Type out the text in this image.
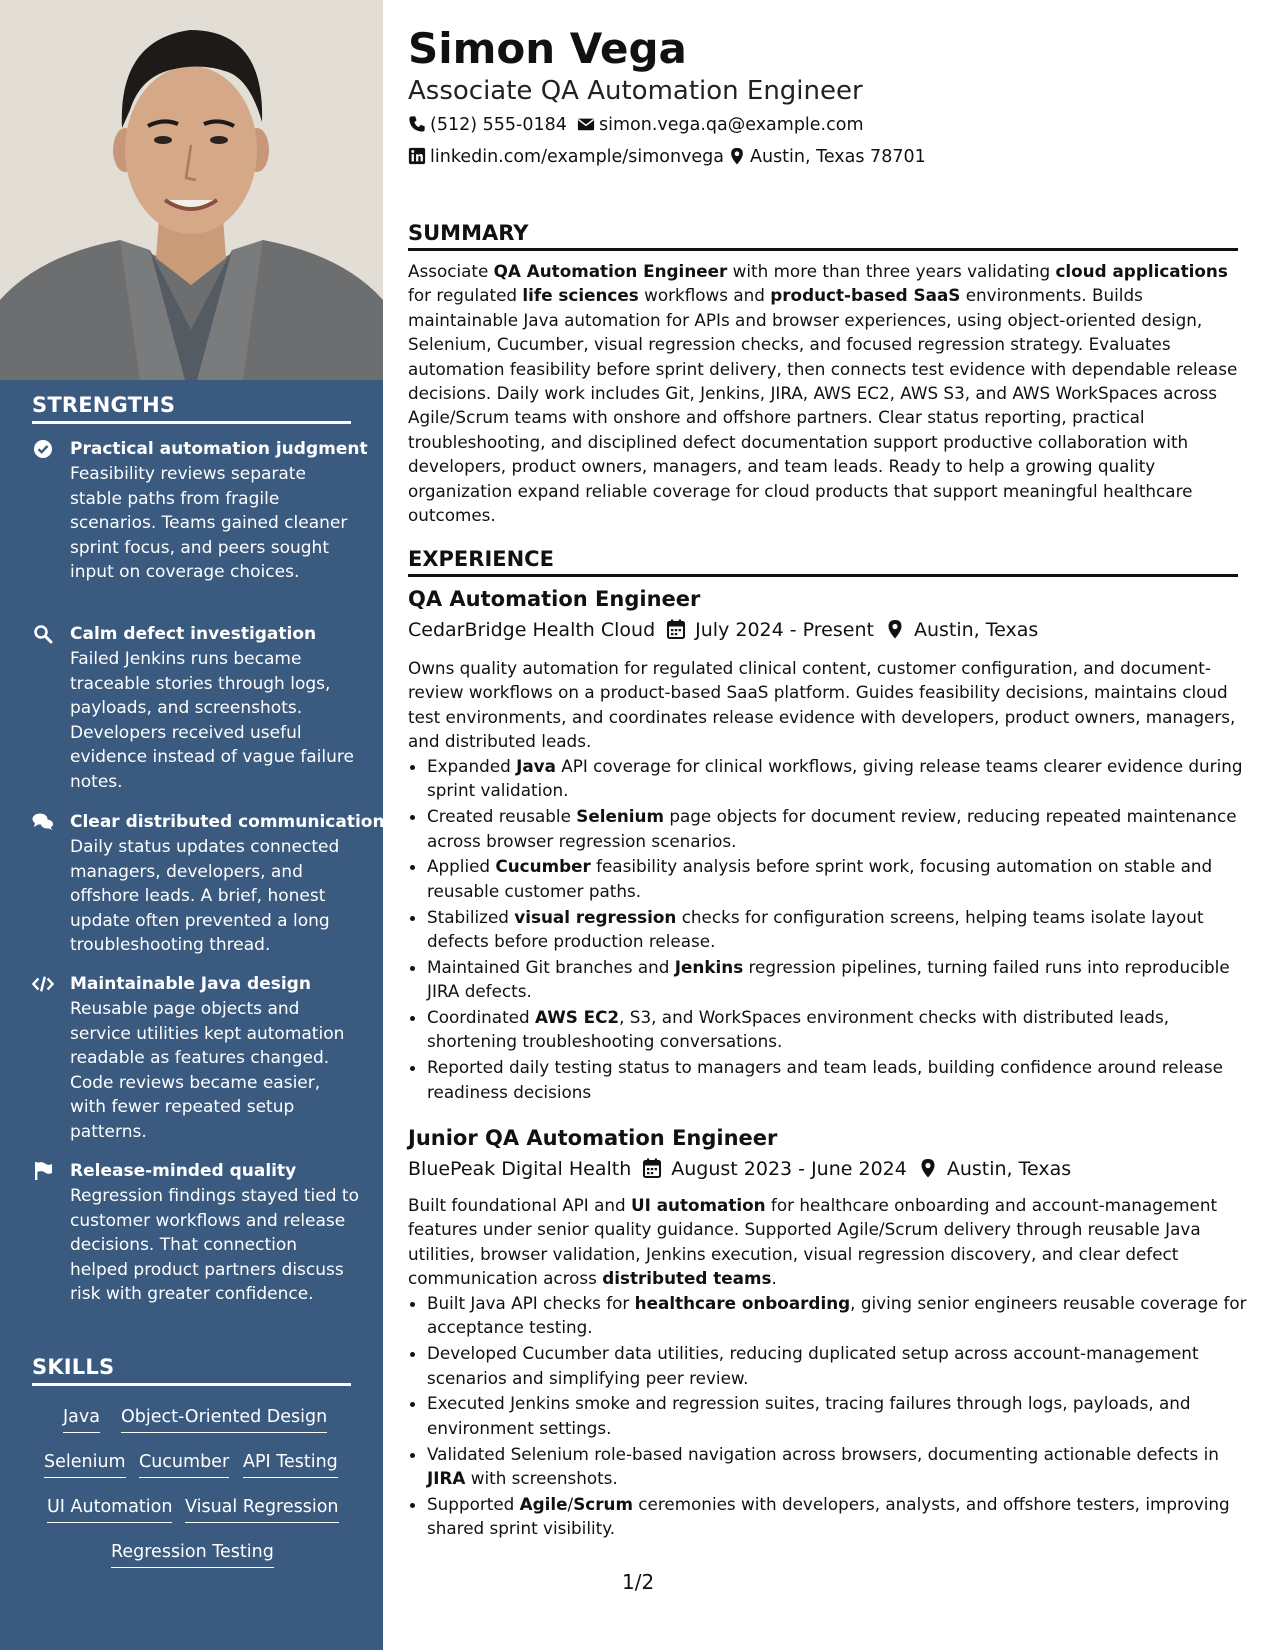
STRENGTHS
Practical automation judgment
Feasibility reviews separate stable paths from fragile scenarios. Teams gained cleaner sprint focus, and peers sought input on coverage choices.
Calm defect investigation
Failed Jenkins runs became traceable stories through logs, payloads, and screenshots. Developers received useful evidence instead of vague failure notes.
Clear distributed communication
Daily status updates connected managers, developers, and offshore leads. A brief, honest update often prevented a long troubleshooting thread.
Maintainable Java design
Reusable page objects and service utilities kept automation readable as features changed. Code reviews became easier, with fewer repeated setup patterns.
Release-minded quality
Regression findings stayed tied to customer workflows and release decisions. That connection helped product partners discuss risk with greater confidence.
SKILLS
Java Object-Oriented Design
Selenium Cucumber API Testing
UI Automation Visual Regression
Regression Testing
Simon Vega
Associate QA Automation Engineer
(512) 555-0184	simon.vega.qa@example.com
linkedin.com/example/simonvega	Austin, Texas 78701
SUMMARY
Associate QA Automation Engineer with more than three years validating cloud applications for regulated life sciences workflows and product-based SaaS environments. Builds maintainable Java automation for APIs and browser experiences, using object-oriented design, Selenium, Cucumber, visual regression checks, and focused regression strategy. Evaluates automation feasibility before sprint delivery, then connects test evidence with dependable release decisions. Daily work includes Git, Jenkins, JIRA, AWS EC2, AWS S3, and AWS WorkSpaces across Agile/Scrum teams with onshore and offshore partners. Clear status reporting, practical troubleshooting, and disciplined defect documentation support productive collaboration with developers, product owners, managers, and team leads. Ready to help a growing quality organization expand reliable coverage for cloud products that support meaningful healthcare outcomes.
EXPERIENCE
QA Automation Engineer
CedarBridge Health Cloud July 2024 - Present Austin, Texas
Owns quality automation for regulated clinical content, customer configuration, and document-review workflows on a product-based SaaS platform. Guides feasibility decisions, maintains cloud test environments, and coordinates release evidence with developers, product owners, managers, and distributed leads.
• Expanded Java API coverage for clinical workflows, giving release teams clearer evidence during sprint validation.
• Created reusable Selenium page objects for document review, reducing repeated maintenance across browser regression scenarios.
• Applied Cucumber feasibility analysis before sprint work, focusing automation on stable and reusable customer paths.
• Stabilized visual regression checks for configuration screens, helping teams isolate layout defects before production release.
• Maintained Git branches and Jenkins regression pipelines, turning failed runs into reproducible JIRA defects.
• Coordinated AWS EC2, S3, and WorkSpaces environment checks with distributed leads, shortening troubleshooting conversations.
• Reported daily testing status to managers and team leads, building confidence around release readiness decisions
Junior QA Automation Engineer
BluePeak Digital Health August 2023 - June 2024 Austin, Texas
Built foundational API and UI automation for healthcare onboarding and account-management features under senior quality guidance. Supported Agile/Scrum delivery through reusable Java utilities, browser validation, Jenkins execution, visual regression discovery, and clear defect communication across distributed teams.
• Built Java API checks for healthcare onboarding, giving senior engineers reusable coverage for acceptance testing.
• Developed Cucumber data utilities, reducing duplicated setup across account-management scenarios and simplifying peer review.
• Executed Jenkins smoke and regression suites, tracing failures through logs, payloads, and environment settings.
• Validated Selenium role-based navigation across browsers, documenting actionable defects in JIRA with screenshots.
• Supported Agile/Scrum ceremonies with developers, analysts, and offshore testers, improving shared sprint visibility.
1/2
